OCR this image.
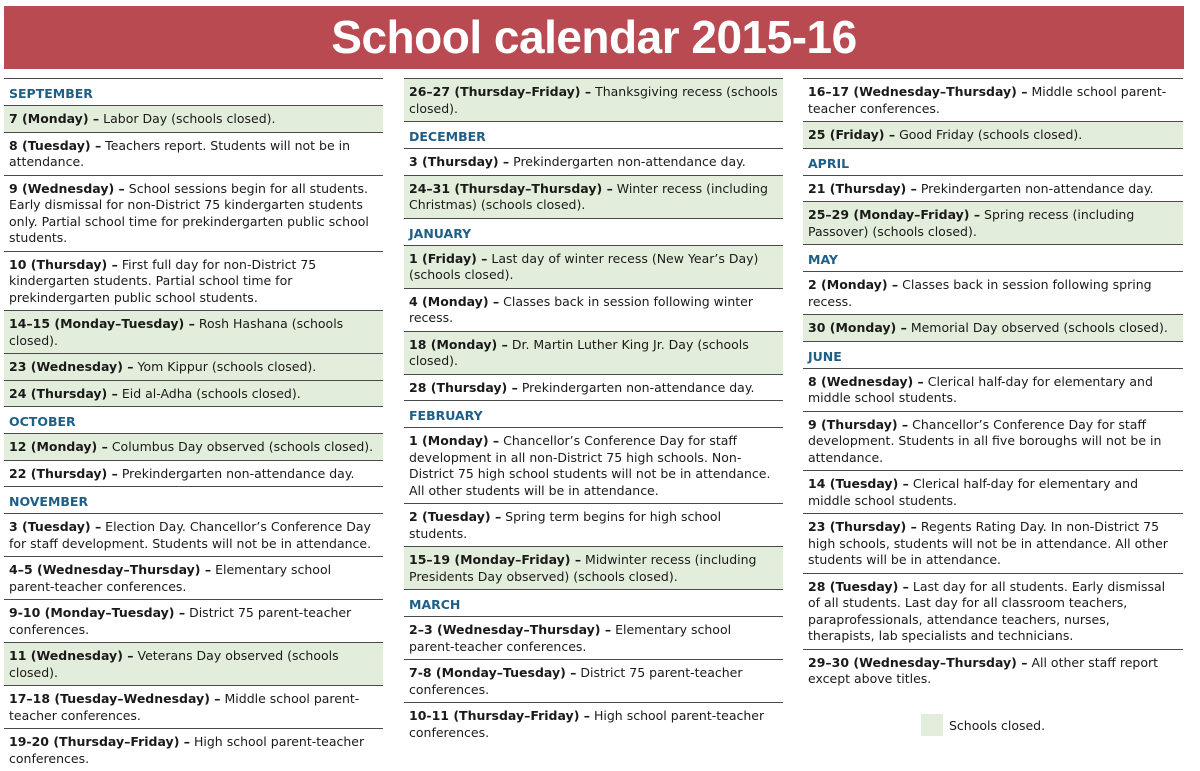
School calendar 2015-16
SEPTEMBER
7 (Monday) – Labor Day (schools closed).
8 (Tuesday) – Teachers report. Students will not be in attendance.
9 (Wednesday) – School sessions begin for all students. Early dismissal for non-District 75 kindergarten students only. Partial school time for prekindergarten public school students.
10 (Thursday) – First full day for non-District 75 kindergarten students. Partial school time for prekindergarten public school students.
14–15 (Monday–Tuesday) – Rosh Hashana (schools closed).
23 (Wednesday) – Yom Kippur (schools closed).
24 (Thursday) – Eid al-Adha (schools closed).
OCTOBER
12 (Monday) – Columbus Day observed (schools closed).
22 (Thursday) – Prekindergarten non-attendance day.
NOVEMBER
3 (Tuesday) – Election Day. Chancellor’s Conference Day for staff development. Students will not be in attendance.
4–5 (Wednesday–Thursday) – Elementary school parent-teacher conferences.
9-10 (Monday–Tuesday) – District 75 parent-teacher conferences.
11 (Wednesday) – Veterans Day observed (schools closed).
17–18 (Tuesday–Wednesday) – Middle school parent-teacher conferences.
19-20 (Thursday–Friday) – High school parent-teacher conferences.
26–27 (Thursday–Friday) – Thanksgiving recess (schools closed).
DECEMBER
3 (Thursday) – Prekindergarten non-attendance day.
24–31 (Thursday–Thursday) – Winter recess (including Christmas) (schools closed).
JANUARY
1 (Friday) – Last day of winter recess (New Year’s Day) (schools closed).
4 (Monday) – Classes back in session following winter recess.
18 (Monday) – Dr. Martin Luther King Jr. Day (schools closed).
28 (Thursday) – Prekindergarten non-attendance day.
FEBRUARY
1 (Monday) – Chancellor’s Conference Day for staff development in all non-District 75 high schools. Non-District 75 high school students will not be in attendance. All other students will be in attendance.
2 (Tuesday) – Spring term begins for high school students.
15–19 (Monday–Friday) – Midwinter recess (including Presidents Day observed) (schools closed).
MARCH
2–3 (Wednesday–Thursday) – Elementary school parent-teacher conferences.
7-8 (Monday–Tuesday) – District 75 parent-teacher conferences.
10-11 (Thursday–Friday) – High school parent-teacher conferences.
16–17 (Wednesday–Thursday) – Middle school parent-teacher conferences.
25 (Friday) – Good Friday (schools closed).
APRIL
21 (Thursday) – Prekindergarten non-attendance day.
25–29 (Monday–Friday) – Spring recess (including Passover) (schools closed).
MAY
2 (Monday) – Classes back in session following spring recess.
30 (Monday) – Memorial Day observed (schools closed).
JUNE
8 (Wednesday) – Clerical half-day for elementary and middle school students.
9 (Thursday) – Chancellor’s Conference Day for staff development. Students in all five boroughs will not be in attendance.
14 (Tuesday) – Clerical half-day for elementary and middle school students.
23 (Thursday) – Regents Rating Day. In non-District 75 high schools, students will not be in attendance. All other students will be in attendance.
28 (Tuesday) – Last day for all students. Early dismissal of all students. Last day for all classroom teachers, paraprofessionals, attendance teachers, nurses, therapists, lab specialists and technicians.
29–30 (Wednesday–Thursday) – All other staff report except above titles.
Schools closed.
